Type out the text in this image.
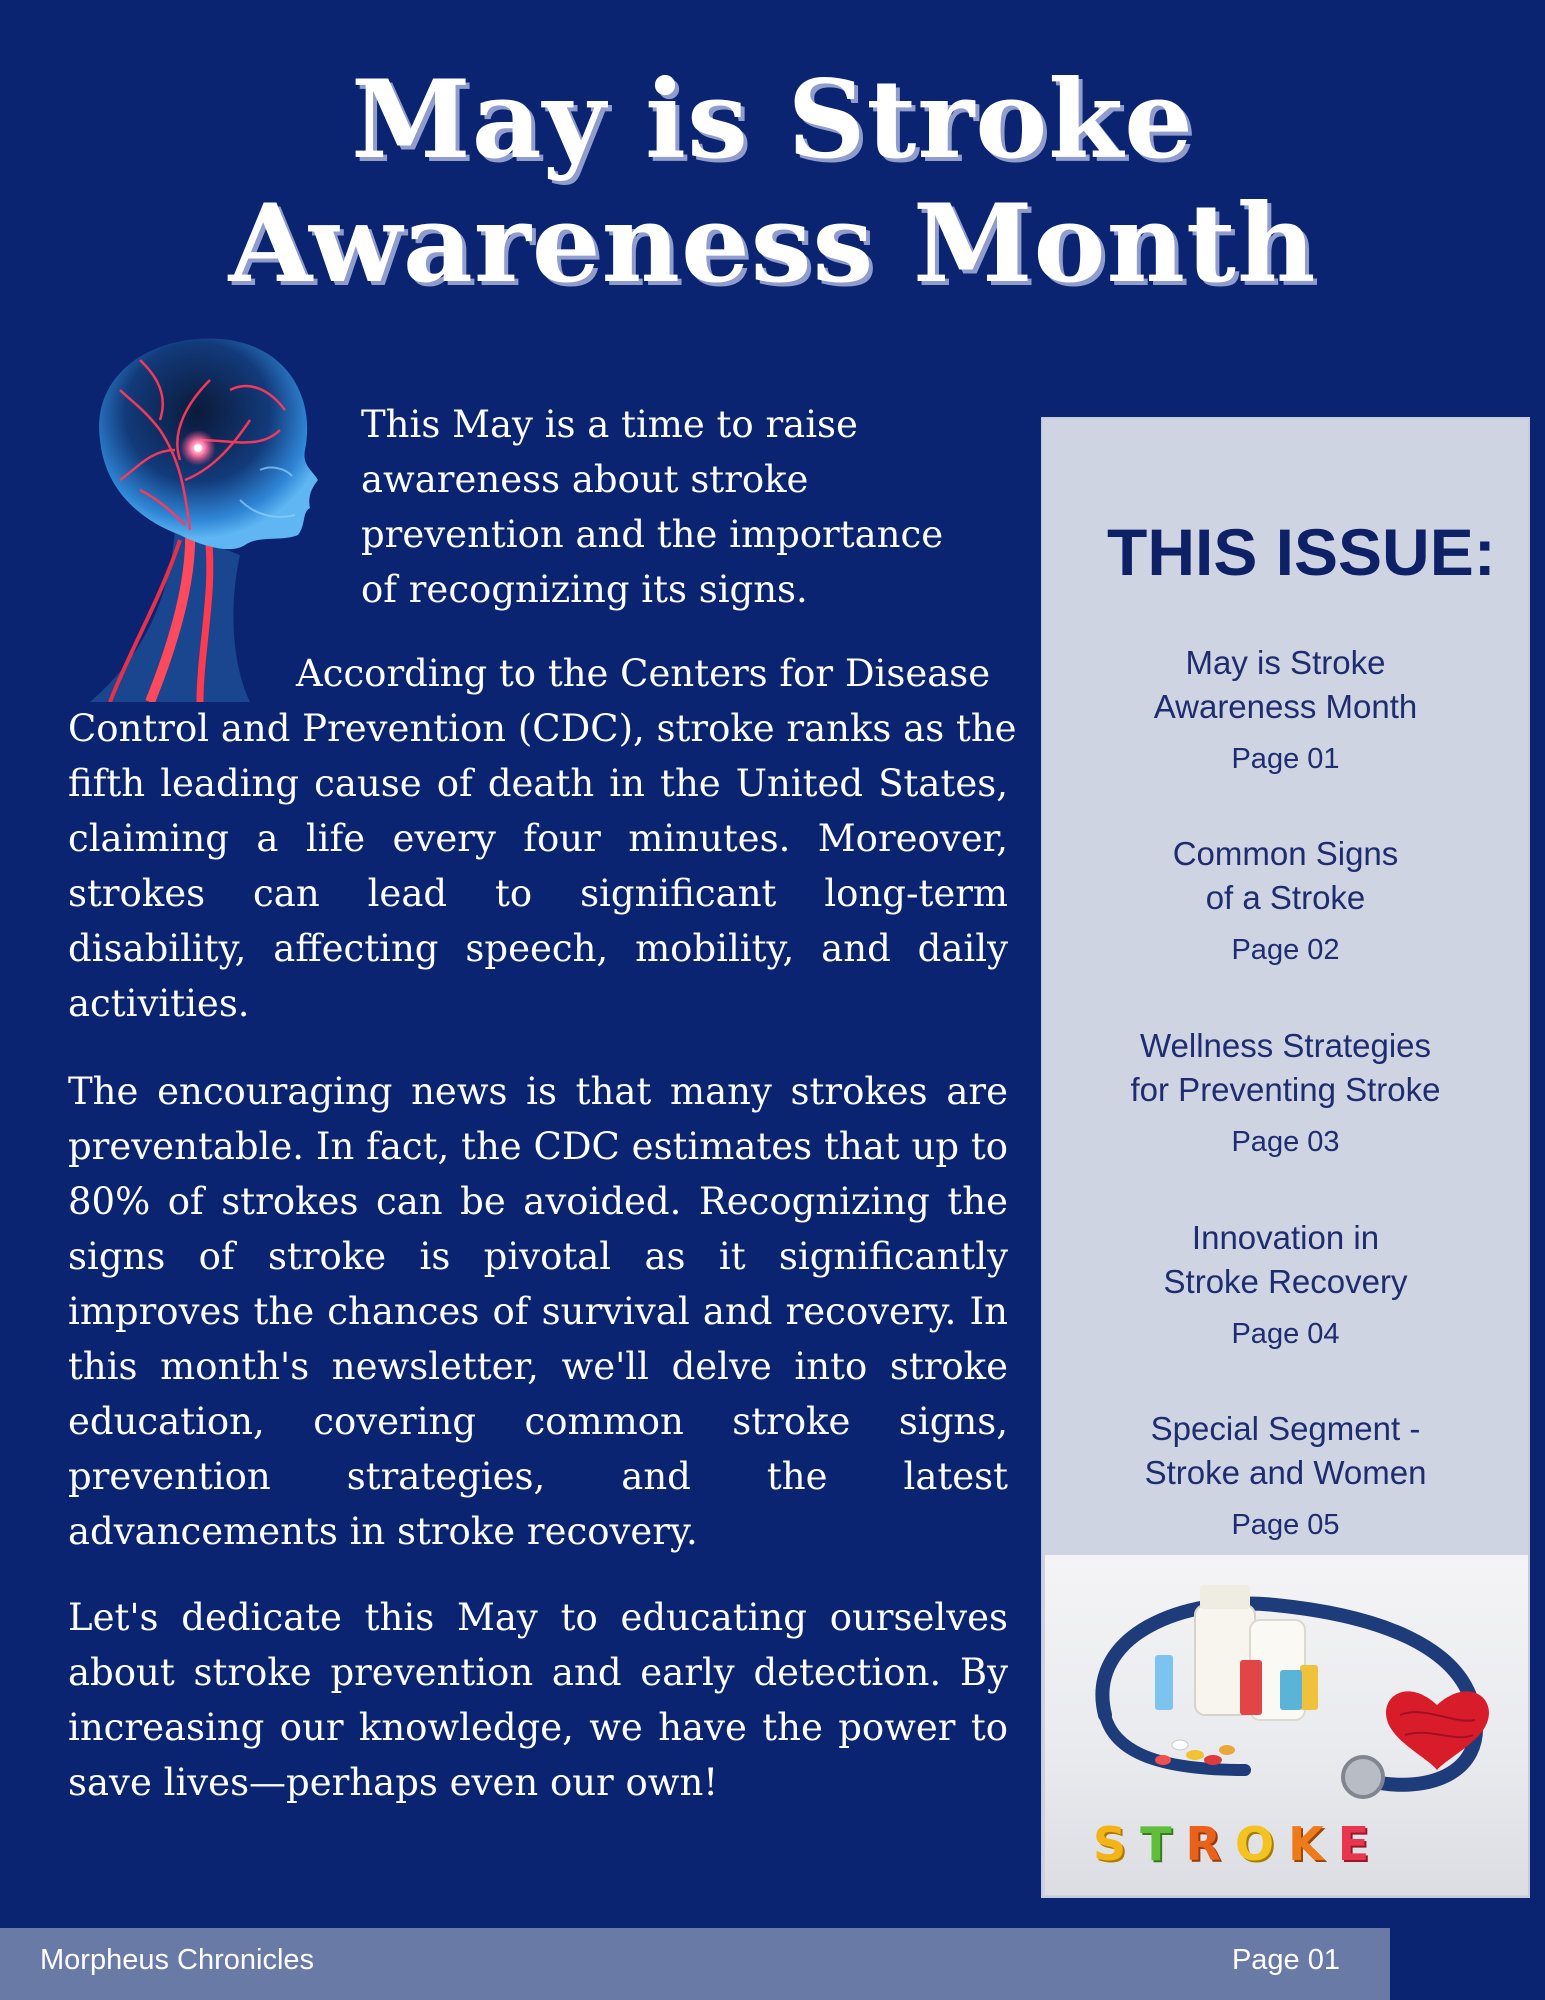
May is Stroke
Awareness Month

This May is a time to raise
awareness about stroke
prevention and the importance
of recognizing its signs.

According to the Centers for Disease

Control and Prevention (CDC), stroke ranks as the

fifth leading cause of death in the United States,
claiming a life every four minutes. Moreover,
strokes can lead to significant long-term
disability, affecting speech, mobility, and daily
activities.
The encouraging news is that many strokes are
preventable. In fact, the CDC estimates that up to
80% of strokes can be avoided. Recognizing the
signs of stroke is pivotal as it significantly
improves the chances of survival and recovery. In
this month's newsletter, we'll delve into stroke
education, covering common stroke signs,
prevention strategies, and the latest
advancements in stroke recovery.
Let's dedicate this May to educating ourselves
about stroke prevention and early detection. By
increasing our knowledge, we have the power to
save lives—perhaps even our own!
THIS ISSUE:
May is Stroke
Awareness Month
Page 01
Common Signs
of a Stroke
Page 02
Wellness Strategies
for Preventing Stroke
Page 03
Innovation in
Stroke Recovery
Page 04
Special Segment -
Stroke and Women
Page 05
STROKE
Morpheus Chronicles	Page 01
